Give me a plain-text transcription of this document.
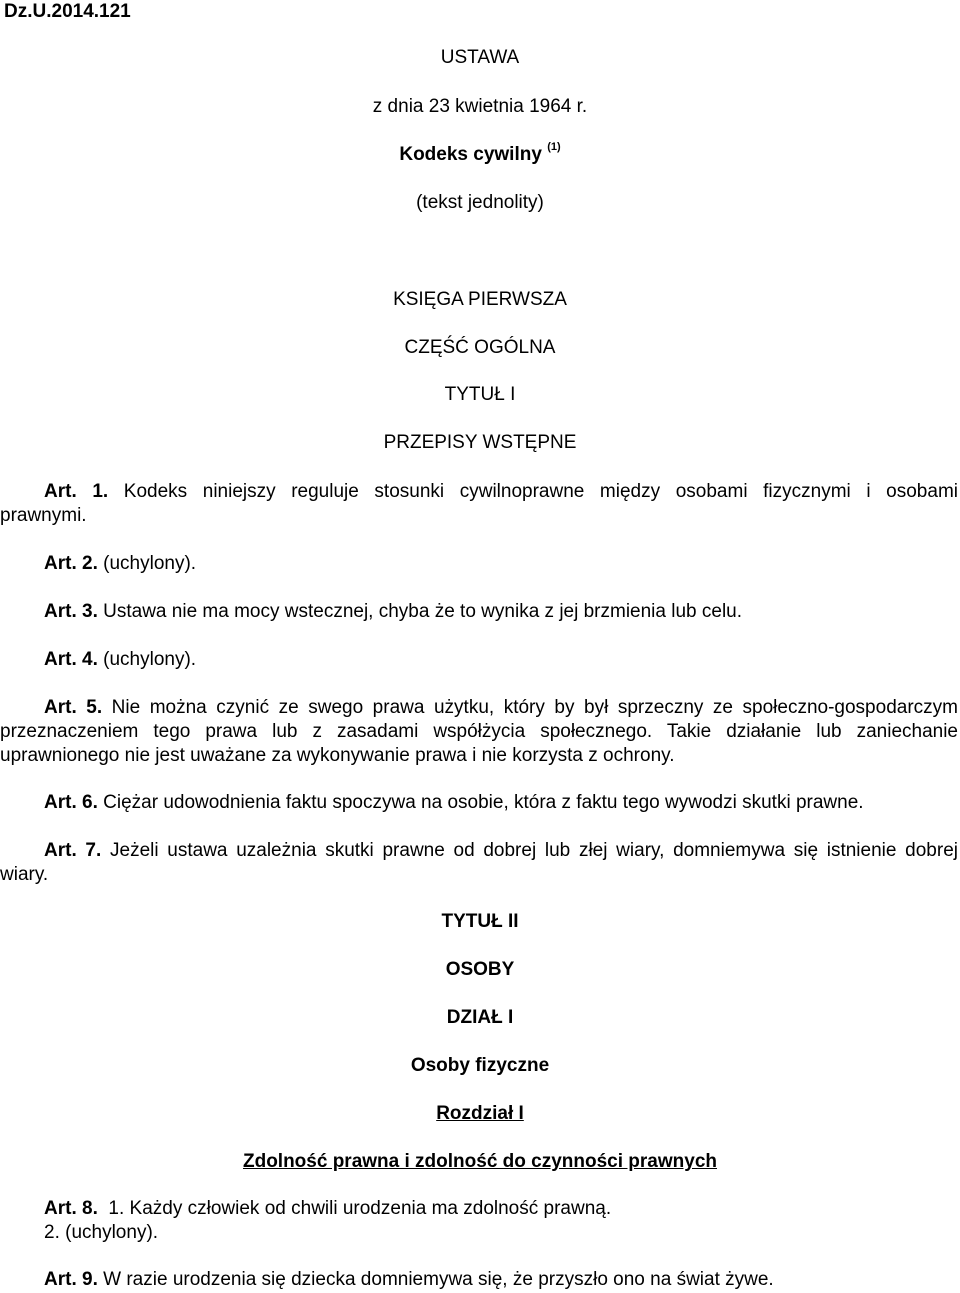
Dz.U.2014.121
USTAWA
z dnia 23 kwietnia 1964 r.
Kodeks cywilny $^{(1)}$
(tekst jednolity)
KSIĘGA PIERWSZA
CZĘŚĆ OGÓLNA
TYTUŁ I
PRZEPISY WSTĘPNE
Art. 1. Kodeks niniejszy reguluje stosunki cywilnoprawne między osobami fizycznymi i osobami prawnymi.
Art. 2. (uchylony).
Art. 3. Ustawa nie ma mocy wstecznej, chyba że to wynika z jej brzmienia lub celu.
Art. 4. (uchylony).
Art. 5. Nie można czynić ze swego prawa użytku, który by był sprzeczny ze społeczno-gospodarczym przeznaczeniem tego prawa lub z zasadami współżycia społecznego. Takie działanie lub zaniechanie uprawnionego nie jest uważane za wykonywanie prawa i nie korzysta z ochrony.
Art. 6. Ciężar udowodnienia faktu spoczywa na osobie, która z faktu tego wywodzi skutki prawne.
Art. 7. Jeżeli ustawa uzależnia skutki prawne od dobrej lub złej wiary, domniemywa się istnienie dobrej wiary.
TYTUŁ II
OSOBY
DZIAŁ I
Osoby fizyczne
Rozdział I
Zdolność prawna i zdolność do czynności prawnych
Art. 8. 1. Każdy człowiek od chwili urodzenia ma zdolność prawną.
2. (uchylony).
Art. 9. W razie urodzenia się dziecka domniemywa się, że przyszło ono na świat żywe.
